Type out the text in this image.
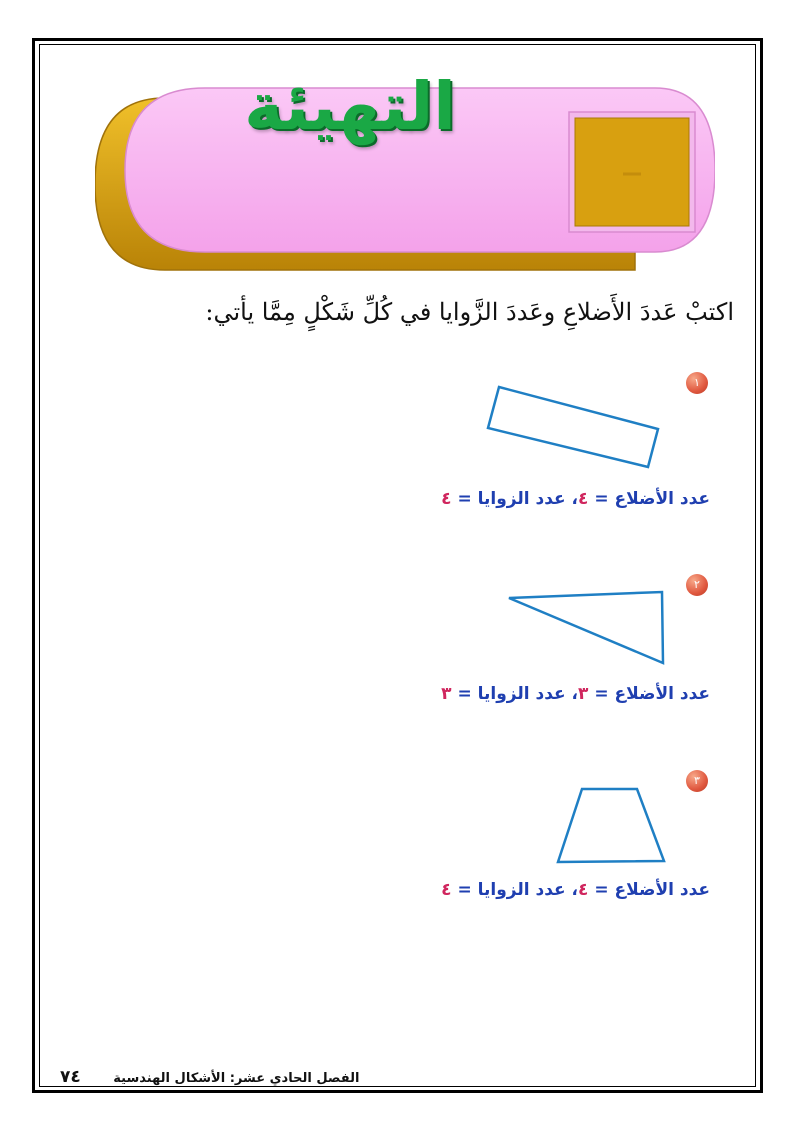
التهيئة
اكتبْ عَددَ الأَضلاعِ وعَددَ الزَّوايا في كُلِّ شَكْلٍ مِمَّا يأتي:
١
عدد الأضلاع = ٤، عدد الزوايا = ٤
٢
عدد الأضلاع = ٣، عدد الزوايا = ٣
٣
عدد الأضلاع = ٤، عدد الزوايا = ٤
الفصل الحادي عشر: الأشكال الهندسية ٧٤
